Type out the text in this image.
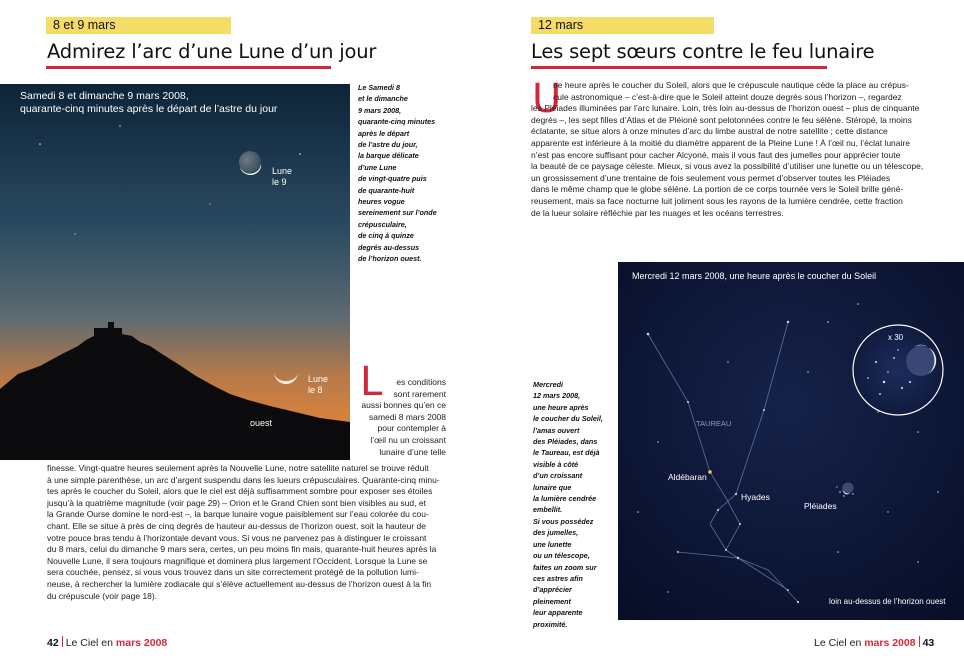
8 et 9 mars
Admirez l’arc d’une Lune d’un jour
Samedi 8 et dimanche 9 mars 2008,
quarante-cinq minutes après le départ de l’astre du jour
Lune
le 9
Lune
le 8
ouest
Le Samedi 8
et le dimanche
9 mars 2008,
quarante-cinq minutes
après le départ
de l’astre du jour,
la barque délicate
d’une Lune
de vingt-quatre puis
de quarante-huit
heures vogue
sereinement sur l’onde
crépusculaire,
de cinq à quinze
degrés au-dessus
de l’horizon ouest.
L	es conditions
sont rarement
aussi bonnes qu’en ce
samedi 8 mars 2008
pour contempler à
l’œil nu un croissant
lunaire d’une telle
finesse. Vingt-quatre heures seulement après la Nouvelle Lune, notre satellite naturel se trouve réduit
à une simple parenthèse, un arc d’argent suspendu dans les lueurs crépusculaires. Quarante-cinq minu-
tes après le coucher du Soleil, alors que le ciel est déjà suffisamment sombre pour exposer ses étoiles
jusqu’à la quatrième magnitude (voir page 29) – Orion et le Grand Chien sont bien visibles au sud, et
la Grande Ourse domine le nord-est –, la barque lunaire vogue paisiblement sur l’eau colorée du cou-
chant. Elle se situe à près de cinq degrés de hauteur au-dessus de l’horizon ouest, soit la hauteur de
votre pouce bras tendu à l’horizontale devant vous. Si vous ne parvenez pas à distinguer le croissant
du 8 mars, celui du dimanche 9 mars sera, certes, un peu moins fin mais, quarante-huit heures après la
Nouvelle Lune, il sera toujours magnifique et dominera plus largement l’Occident. Lorsque la Lune se
sera couchée, pensez, si vous vous trouvez dans un site correctement protégé de la pollution lumi-
neuse, à rechercher la lumière zodiacale qui s’élève actuellement au-dessus de l’horizon ouest à la fin
du crépuscule (voir page 18).
42 Le Ciel en mars 2008
12 mars
Les sept sœurs contre le feu lunaire
U
ne heure après le coucher du Soleil, alors que le crépuscule nautique cède la place au crépus-
cule astronomique – c’est-à-dire que le Soleil atteint douze degrés sous l’horizon –, regardez
les Pléiades illuminées par l’arc lunaire. Loin, très loin au-dessus de l’horizon ouest – plus de cinquante
degrés –, les sept filles d’Atlas et de Pléioné sont pelotonnées contre le feu sélène. Stéropé, la moins
éclatante, se situe alors à onze minutes d’arc du limbe austral de notre satellite ; cette distance
apparente est inférieure à la moitié du diamètre apparent de la Pleine Lune ! À l’œil nu, l’éclat lunaire
n’est pas encore suffisant pour cacher Alcyoné, mais il vous faut des jumelles pour apprécier toute
la beauté de ce paysage céleste. Mieux, si vous avez la possibilité d’utiliser une lunette ou un télescope,
un grossissement d’une trentaine de fois seulement vous permet d’observer toutes les Pléiades
dans le même champ que le globe séléne. La portion de ce corps tournée vers le Soleil brille géné-
reusement, mais sa face nocturne luit joliment sous les rayons de la lumière cendrée, cette fraction
de la lueur solaire réfléchie par les nuages et les océans terrestres.
Mercredi
12 mars 2008,
une heure après
le coucher du Soleil,
l’amas ouvert
des Pléiades, dans
le Taureau, est déjà
visible à côté
d’un croissant
lunaire que
la lumière cendrée
embellit.
Si vous possédez
des jumelles,
une lunette
ou un télescope,
faites un zoom sur
ces astres afin
d’apprécier
pleinement
leur apparente
proximité.
x 30
TAUREAU
Aldébaran
Hyades
Pléiades
loin au-dessus de l’horizon ouest
Mercredi 12 mars 2008, une heure après le coucher du Soleil
Le Ciel en mars 2008 43
